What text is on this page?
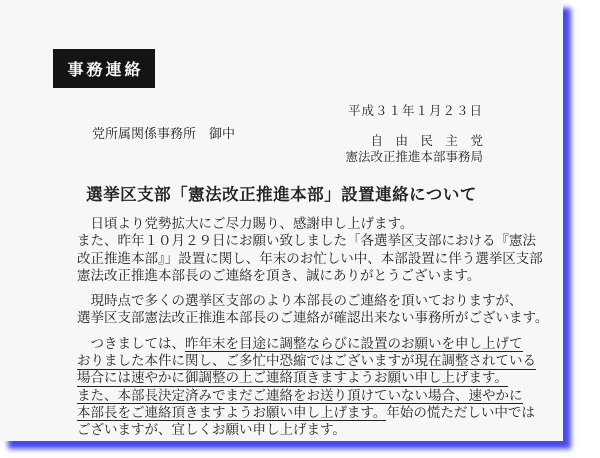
事務連絡
平成３１年１月２３日
党所属関係事務所　御中	自　由　民　主　党
憲法改正推進本部事務局
選挙区支部「憲法改正推進本部」設置連絡について
　日頃より党勢拡大にご尽力賜り、感謝申し上げます。
また、昨年１０月２９日にお願い致しました「各選挙区支部における『憲法
改正推進本部』」設置に関し、年末のお忙しい中、本部設置に伴う選挙区支部
憲法改正推進本部長のご連絡を頂き、誠にありがとうございます。
　現時点で多くの選挙区支部のより本部長のご連絡を頂いておりますが、
選挙区支部憲法改正推進本部長のご連絡が確認出来ない事務所がございます。
　つきましては、昨年末を目途に調整ならびに設置のお願いを申し上げて
おりました本件に関し、ご多忙中恐縮ではございますが現在調整されている
場合には速やかに御調整の上ご連絡頂きますようお願い申し上げます。
また、本部長決定済みでまだご連絡をお送り頂けていない場合、速やかに
本部長をご連絡頂きますようお願い申し上げます。年始の慌ただしい中では
ございますが、宜しくお願い申し上げます。
